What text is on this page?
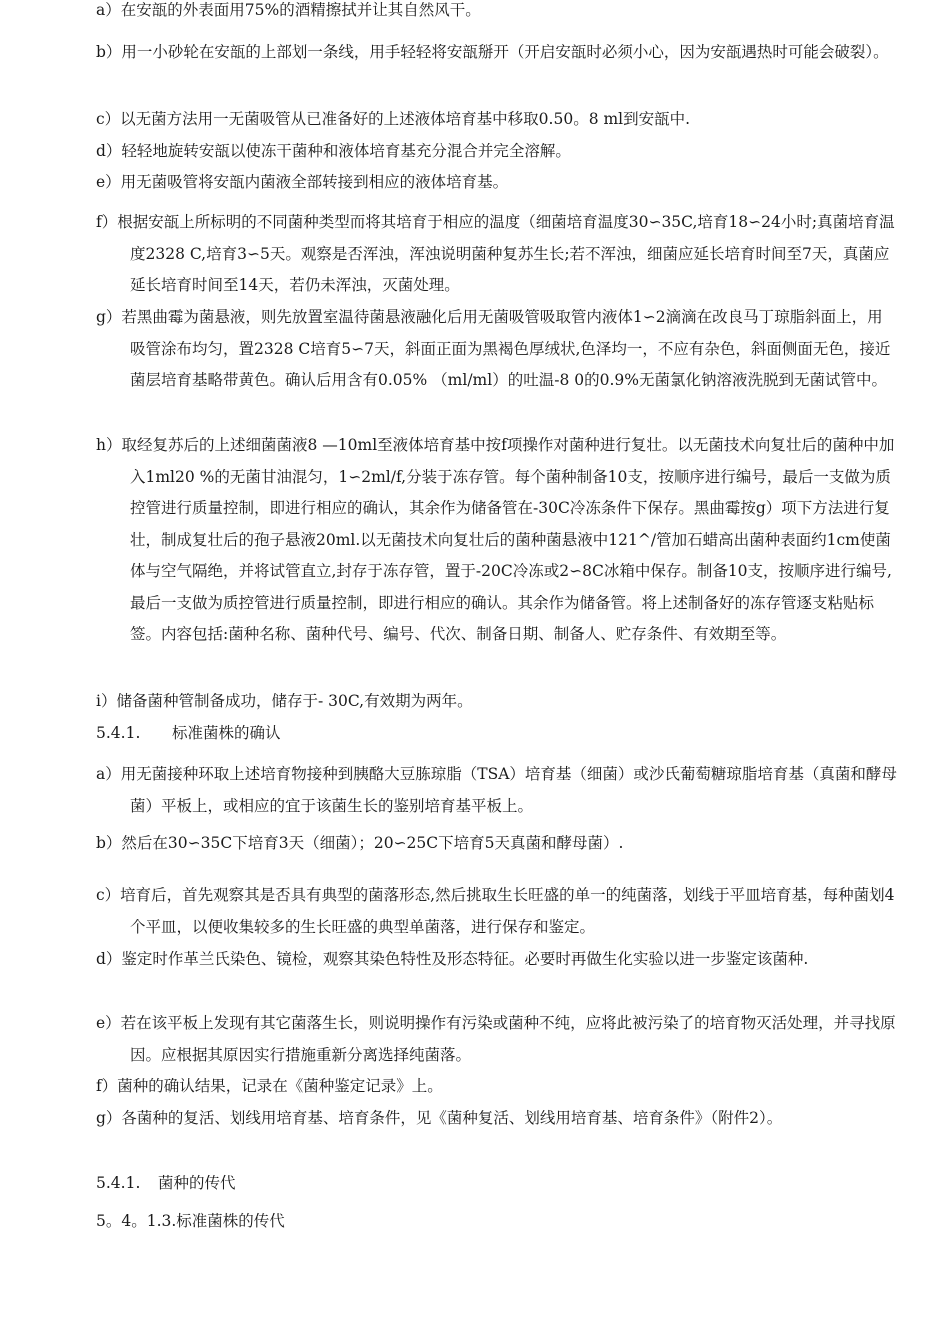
a）在安瓿的外表面用75%的酒精擦拭并让其自然风干。

b）用一小砂轮在安瓿的上部划一条线，用手轻轻将安瓿掰开（开启安瓿时必须小心，因为安瓿遇热时可能会破裂）。

c）以无菌方法用一无菌吸管从已准备好的上述液体培育基中移取0.50。8 ml到安瓿中.

d）轻轻地旋转安瓿以使冻干菌种和液体培育基充分混合并完全溶解。

e）用无菌吸管将安瓿内菌液全部转接到相应的液体培育基。

f）根据安瓿上所标明的不同菌种类型而将其培育于相应的温度（细菌培育温度30∽35C,培育18∽24小时;真菌培育温度2328 C,培育3∽5天。观察是否浑浊，浑浊说明菌种复苏生长;若不浑浊，细菌应延长培育时间至7天，真菌应延长培育时间至14天，若仍未浑浊，灭菌处理。

g）若黑曲霉为菌悬液，则先放置室温待菌悬液融化后用无菌吸管吸取管内液体1∽2滴滴在改良马丁琼脂斜面上，用吸管涂布均匀，置2328 C培育5∽7天，斜面正面为黑褐色厚绒状,色泽均一，不应有杂色，斜面侧面无色，接近菌层培育基略带黄色。确认后用含有0.05% （ml/ml）的吐温-8 0的0.9%无菌氯化钠溶液洗脱到无菌试管中。

h）取经复苏后的上述细菌菌液8 —10ml至液体培育基中按f项操作对菌种进行复壮。以无菌技术向复壮后的菌种中加入1ml20 %的无菌甘油混匀，1∽2ml/f,分装于冻存管。每个菌种制备10支，按顺序进行编号，最后一支做为质控管进行质量控制，即进行相应的确认，其余作为储备管在-30C冷冻条件下保存。黑曲霉按g）项下方法进行复壮，制成复壮后的孢子悬液20ml.以无菌技术向复壮后的菌种菌悬液中121^/管加石蜡高出菌种表面约1cm使菌体与空气隔绝，并将试管直立,封存于冻存管，置于-20C冷冻或2∽8C冰箱中保存。制备10支，按顺序进行编号,最后一支做为质控管进行质量控制，即进行相应的确认。其余作为储备管。将上述制备好的冻存管逐支粘贴标签。内容包括:菌种名称、菌种代号、编号、代次、制备日期、制备人、贮存条件、有效期至等。

i）储备菌种管制备成功，储存于- 30C,有效期为两年。

5.4.1. 标准菌株的确认

a）用无菌接种环取上述培育物接种到胰酪大豆胨琼脂（TSA）培育基（细菌）或沙氏葡萄糖琼脂培育基（真菌和酵母菌）平板上，或相应的宜于该菌生长的鉴别培育基平板上。

b）然后在30∽35C下培育3天（细菌）；20∽25C下培育5天真菌和酵母菌）.

c）培育后，首先观察其是否具有典型的菌落形态,然后挑取生长旺盛的单一的纯菌落，划线于平皿培育基，每种菌划4个平皿，以便收集较多的生长旺盛的典型单菌落，进行保存和鉴定。

d）鉴定时作革兰氏染色、镜检，观察其染色特性及形态特征。必要时再做生化实验以进一步鉴定该菌种.

e）若在该平板上发现有其它菌落生长，则说明操作有污染或菌种不纯，应将此被污染了的培育物灭活处理，并寻找原因。应根据其原因实行措施重新分离选择纯菌落。

f）菌种的确认结果，记录在《菌种鉴定记录》上。

g）各菌种的复活、划线用培育基、培育条件，见《菌种复活、划线用培育基、培育条件》（附件2）。

5.4.1. 菌种的传代
5。4。1.3.标准菌株的传代
